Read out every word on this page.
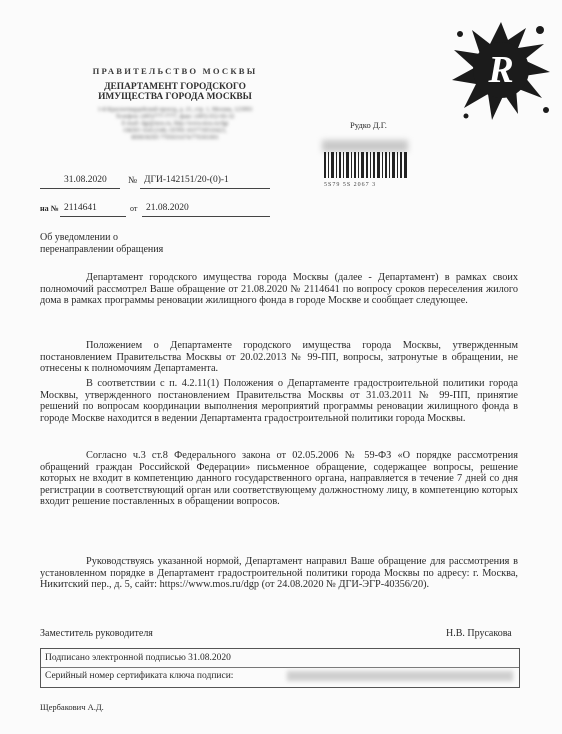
ПРАВИТЕЛЬСТВО МОСКВЫ
ДЕПАРТАМЕНТ ГОРОДСКОГО
ИМУЩЕСТВА ГОРОДА МОСКВЫ
1-й Красногвардейский проезд, д. 21, стр. 1, Москва, 123993
Телефон: (495)777-7777, факс: (495) 652-66-32
E-mail: dgi@mos.ru, http://www.mos.ru/dgi
ОКПО 16412348, ОГРН 1037739510423,
ИНН/КПП 7705031674/770301001
R
Рудко Д.Г.
5S79 5S 2067 3
31.08.2020 № ДГИ-142151/20-(0)-1
на № 2114641	от 21.08.2020
Об уведомлении о
перенаправлении обращения
Департамент городского имущества города Москвы (далее - Департамент) в рамках своих полномочий рассмотрел Ваше обращение от 21.08.2020 № 2114641 по вопросу сроков переселения жилого дома в рамках программы реновации жилищного фонда в городе Москве и сообщает следующее.
Положением о Департаменте городского имущества города Москвы, утвержденным постановлением Правительства Москвы от 20.02.2013 № 99-ПП, вопросы, затронутые в обращении, не отнесены к полномочиям Департамента.
В соответствии с п. 4.2.11(1) Положения о Департаменте градостроительной политики города Москвы, утвержденного постановлением Правительства Москвы от 31.03.2011 № 99-ПП, принятие решений по вопросам координации выполнения мероприятий программы реновации жилищного фонда в городе Москве находится в ведении Департамента градостроительной политики города Москвы.
Согласно ч.3 ст.8 Федерального закона от 02.05.2006 № 59-ФЗ «О порядке рассмотрения обращений граждан Российской Федерации» письменное обращение, содержащее вопросы, решение которых не входит в компетенцию данного государственного органа, направляется в течение 7 дней со дня регистрации в соответствующий орган или соответствующему должностному лицу, в компетенцию которых входит решение поставленных в обращении вопросов.
Руководствуясь указанной нормой, Департамент направил Ваше обращение для рассмотрения в установленном порядке в Департамент градостроительной политики города Москвы по адресу: г. Москва, Никитский пер., д. 5, сайт: https://www.mos.ru/dgp (от 24.08.2020 № ДГИ-ЭГР-40356/20).
Заместитель руководителя	Н.В. Пруcакова
Подписано электронной подписью 31.08.2020
Серийный номер сертификата ключа подписи:
Щербакович А.Д.
